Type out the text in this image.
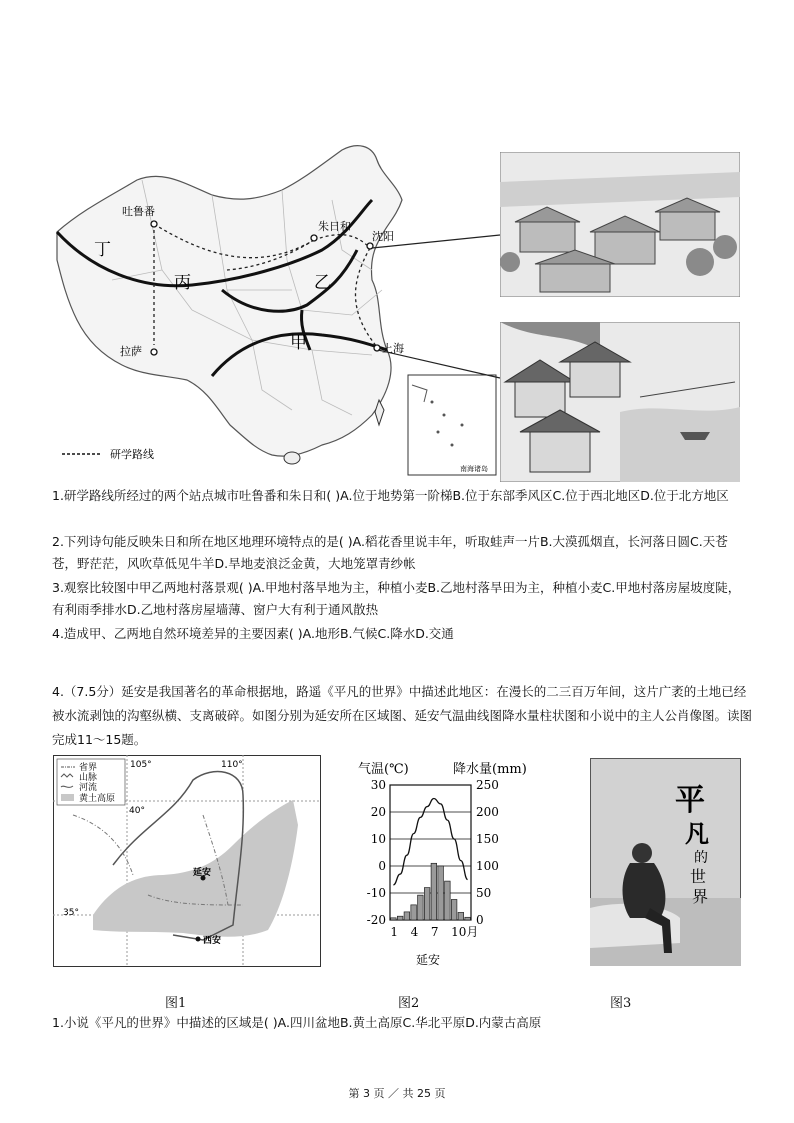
吐鲁番
朱日和
沈阳
拉萨	上海
丁
丙	乙
甲
南海诸岛
研学路线

1.研学路线所经过的两个站点城市吐鲁番和朱日和( )A.位于地势第一阶梯B.位于东部季风区C.位于西北地区D.位于北方地区

2.下列诗句能反映朱日和所在地区地理环境特点的是( )A.稻花香里说丰年，听取蛙声一片B.大漠孤烟直，长河落日圆C.天苍苍，野茫茫，风吹草低见牛羊D.旱地麦浪泛金黄，大地笼罩青纱帐

3.观察比较图中甲乙两地村落景观( )A.甲地村落旱地为主，种植小麦B.乙地村落旱田为主，种植小麦C.甲地村落房屋坡度陡，有利雨季排水D.乙地村落房屋墙薄、窗户大有利于通风散热

4.造成甲、乙两地自然环境差异的主要因素( )A.地形B.气候C.降水D.交通

4.（7.5分）延安是我国著名的革命根据地，路遥《平凡的世界》中描述此地区：在漫长的二三百万年间，这片广袤的土地已经被水流剥蚀的沟壑纵横、支离破碎。如图分别为延安所在区域图、延安气温曲线图降水量柱状图和小说中的主人公肖像图。读图完成11～15题。

省界
山脉
河流
黄土高原
105°	110°
40°
35°
延安
西安
图1
气温(℃)	降水量(mm)
30
20
10
0
-10
-20
250
200
150
100
50
0
1 4 7 10月
延安
图2
平
凡
的
世
界
图3

1.小说《平凡的世界》中描述的区域是( )A.四川盆地B.黄土高原C.华北平原D.内蒙古高原

第 3 页 ／ 共 25 页
